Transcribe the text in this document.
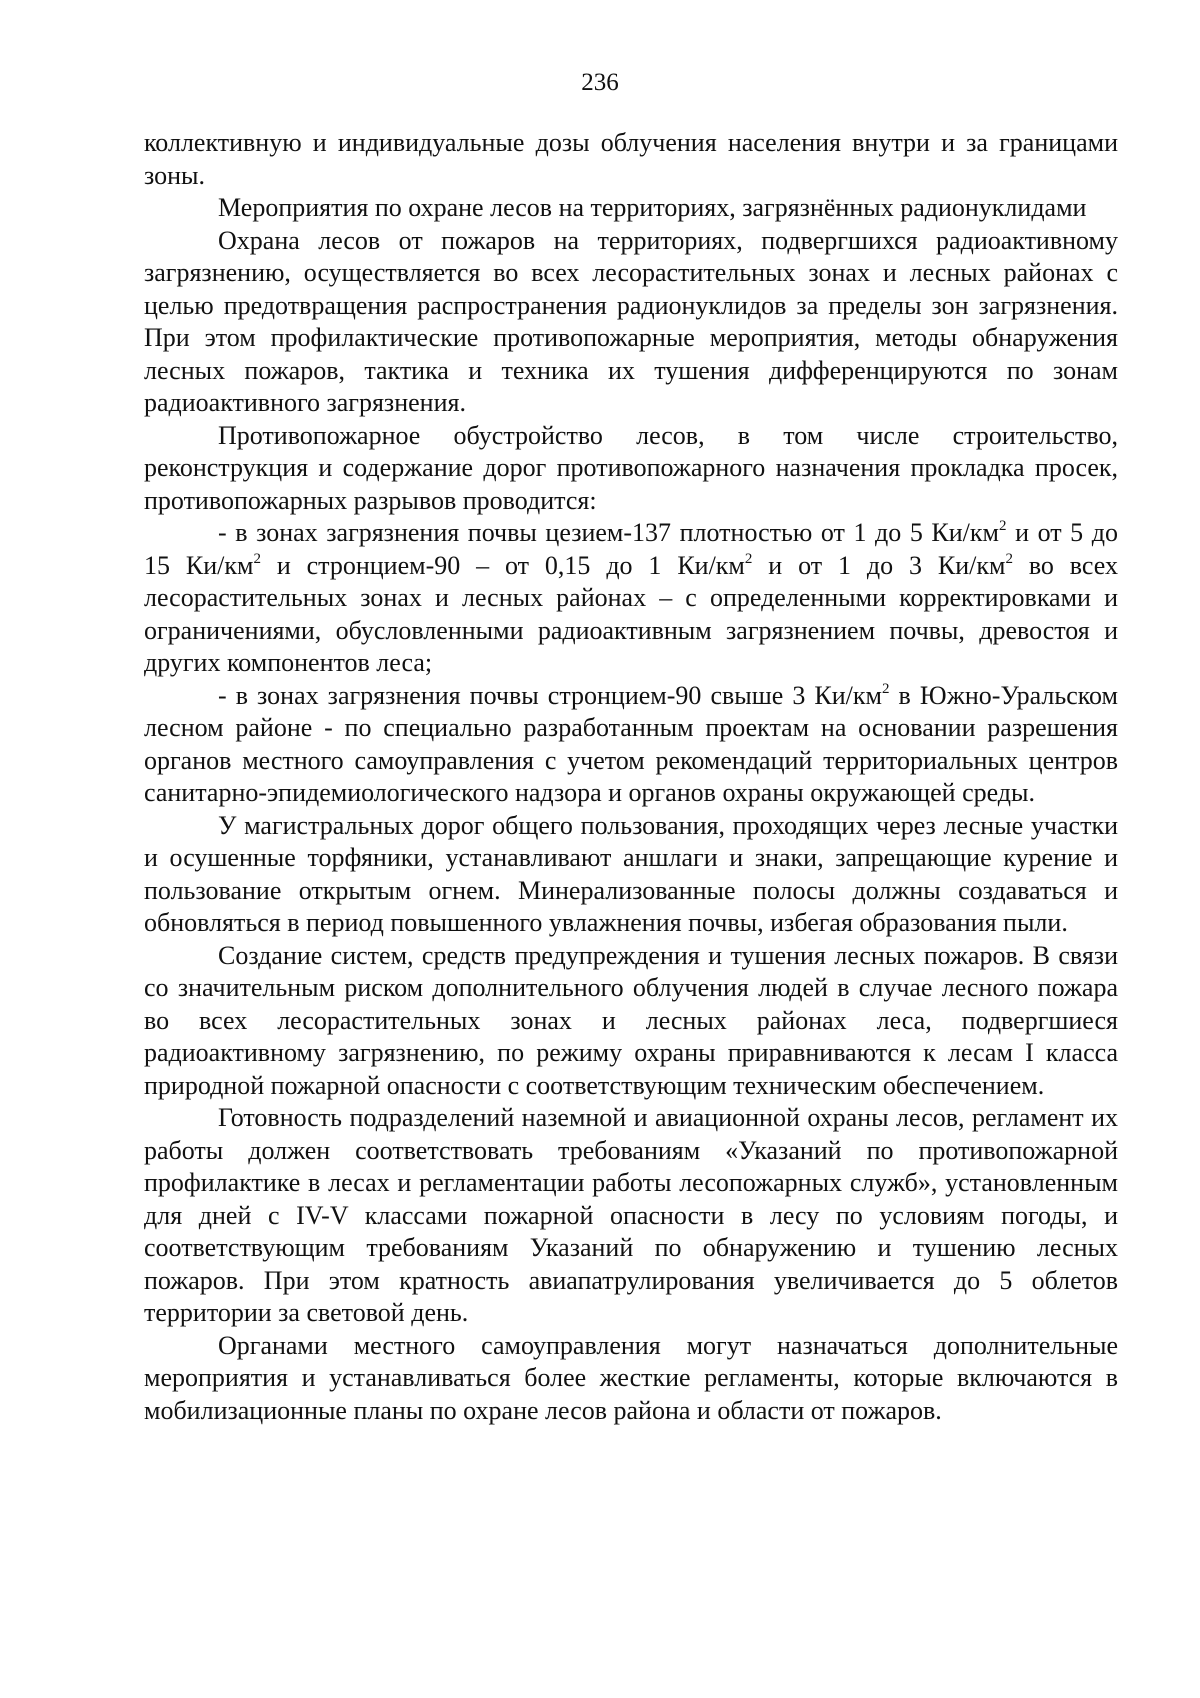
236

коллективную и индивидуальные дозы облучения населения внутри и за границами зоны.

Мероприятия по охране лесов на территориях, загрязнённых радионуклидами

Охрана лесов от пожаров на территориях, подвергшихся радиоактивному загрязнению, осуществляется во всех лесорастительных зонах и лесных районах с целью предотвращения распространения радионуклидов за пределы зон загрязнения. При этом профилактические противопожарные мероприятия, методы обнаружения лесных пожаров, тактика и техника их тушения дифференцируются по зонам радиоактивного загрязнения.

Противопожарное обустройство лесов, в том числе строительство, реконструкция и содержание дорог противопожарного назначения прокладка просек, противопожарных разрывов проводится:

- в зонах загрязнения почвы цезием-137 плотностью от 1 до 5 $Ки/км^2$ и от 5 до 15 $Ки/км^2$ и стронцием-90 – от 0,15 до 1 $Ки/км^2$ и от 1 до 3 $Ки/км^2$ во всех лесорастительных зонах и лесных районах – с определенными корректировками и ограничениями, обусловленными радиоактивным загрязнением почвы, древостоя и других компонентов леса;

- в зонах загрязнения почвы стронцием-90 свыше 3 $Ки/км^2$ в Южно-Уральском лесном районе - по специально разработанным проектам на основании разрешения органов местного самоуправления с учетом рекомендаций территориальных центров санитарно-эпидемиологического надзора и органов охраны окружающей среды.

У магистральных дорог общего пользования, проходящих через лесные участки и осушенные торфяники, устанавливают аншлаги и знаки, запрещающие курение и пользование открытым огнем. Минерализованные полосы должны создаваться и обновляться в период повышенного увлажнения почвы, избегая образования пыли.

Создание систем, средств предупреждения и тушения лесных пожаров. В связи со значительным риском дополнительного облучения людей в случае лесного пожара во всех лесорастительных зонах и лесных районах леса, подвергшиеся радиоактивному загрязнению, по режиму охраны приравниваются к лесам I класса природной пожарной опасности с соответствующим техническим обеспечением.

Готовность подразделений наземной и авиационной охраны лесов, регламент их работы должен соответствовать требованиям «Указаний по противопожарной профилактике в лесах и регламентации работы лесопожарных служб», установленным для дней с IV-V классами пожарной опасности в лесу по условиям погоды, и соответствующим требованиям Указаний по обнаружению и тушению лесных пожаров. При этом кратность авиапатрулирования увеличивается до 5 облетов территории за световой день.

Органами местного самоуправления могут назначаться дополнительные мероприятия и устанавливаться более жесткие регламенты, которые включаются в мобилизационные планы по охране лесов района и области от пожаров.
